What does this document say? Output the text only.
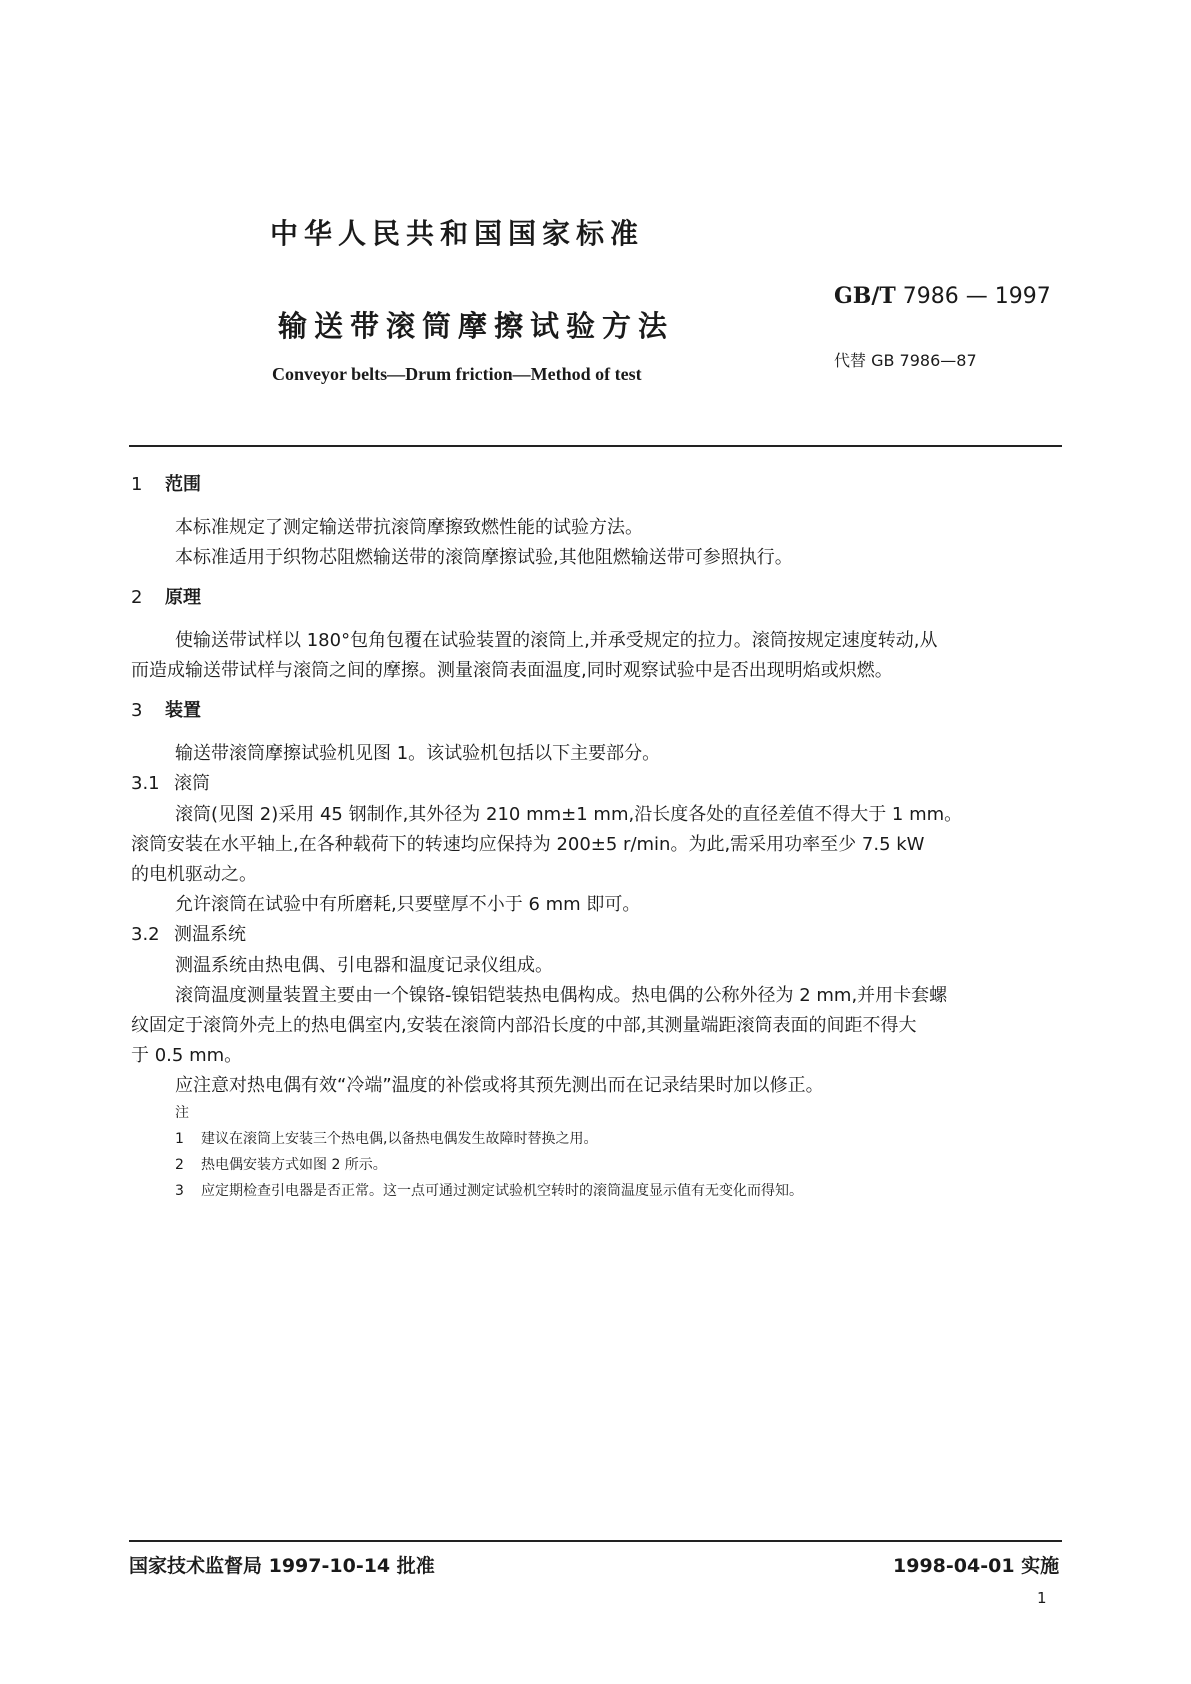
中华人民共和国国家标准
输送带滚筒摩擦试验方法
GB/T 7986 — 1997
代替 GB 7986—87
Conveyor belts—Drum friction—Method of test
1 范围
本标准规定了测定输送带抗滚筒摩擦致燃性能的试验方法。
本标准适用于织物芯阻燃输送带的滚筒摩擦试验,其他阻燃输送带可参照执行。
2 原理
使输送带试样以 180°包角包覆在试验装置的滚筒上,并承受规定的拉力。滚筒按规定速度转动,从
而造成输送带试样与滚筒之间的摩擦。测量滚筒表面温度,同时观察试验中是否出现明焰或炽燃。
3 装置
输送带滚筒摩擦试验机见图 1。该试验机包括以下主要部分。
3.1 滚筒
滚筒(见图 2)采用 45 钢制作,其外径为 210 mm±1 mm,沿长度各处的直径差值不得大于 1 mm。
滚筒安装在水平轴上,在各种载荷下的转速均应保持为 200±5 r/min。为此,需采用功率至少 7.5 kW
的电机驱动之。
允许滚筒在试验中有所磨耗,只要壁厚不小于 6 mm 即可。
3.2 测温系统
测温系统由热电偶、引电器和温度记录仪组成。
滚筒温度测量装置主要由一个镍铬-镍铝铠装热电偶构成。热电偶的公称外径为 2 mm,并用卡套螺
纹固定于滚筒外壳上的热电偶室内,安装在滚筒内部沿长度的中部,其测量端距滚筒表面的间距不得大
于 0.5 mm。
应注意对热电偶有效“冷端”温度的补偿或将其预先测出而在记录结果时加以修正。
注
1 建议在滚筒上安装三个热电偶,以备热电偶发生故障时替换之用。
2 热电偶安装方式如图 2 所示。
3 应定期检查引电器是否正常。这一点可通过测定试验机空转时的滚筒温度显示值有无变化而得知。
国家技术监督局 1997-10-14 批准	1998-04-01 实施
1
